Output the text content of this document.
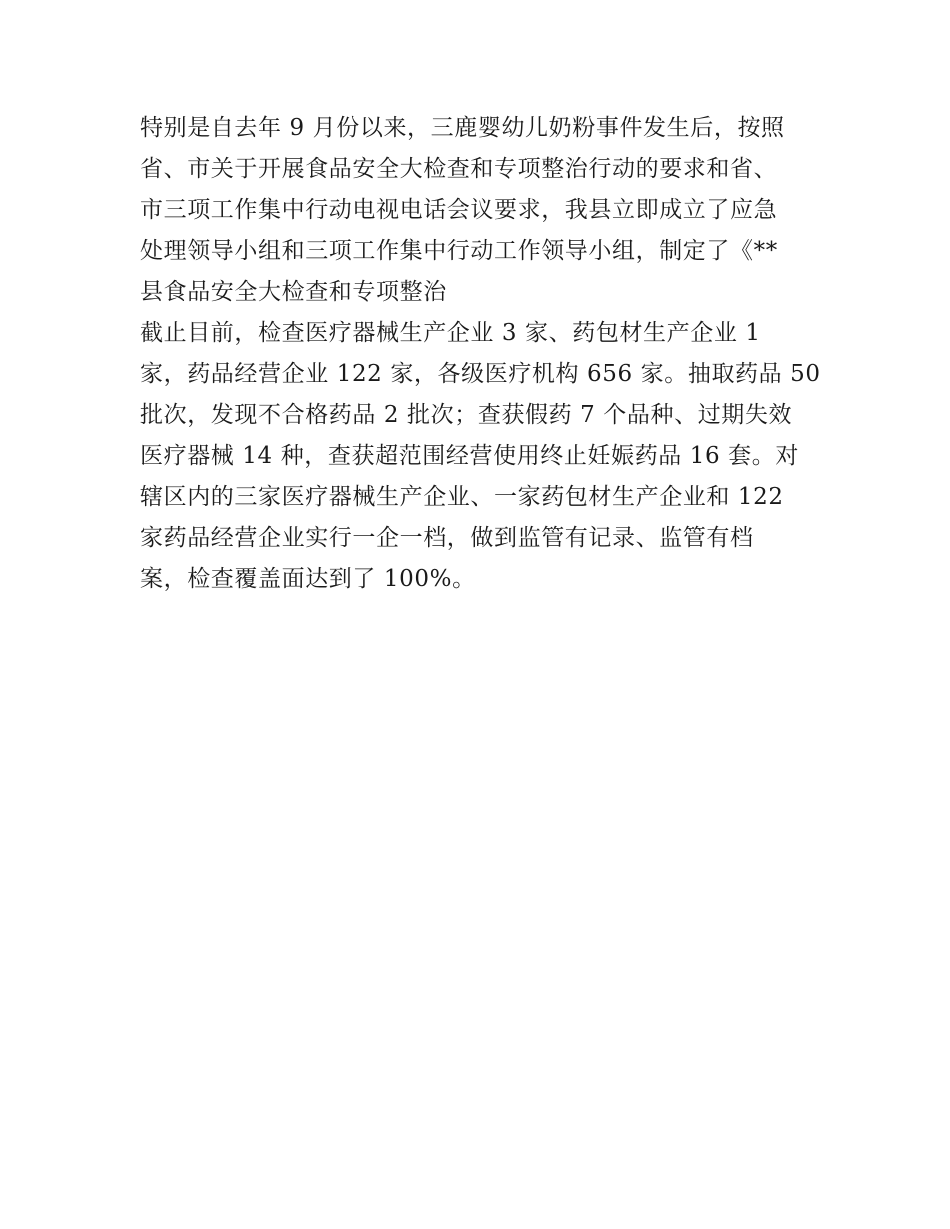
特别是自去年 9 月份以来，三鹿婴幼儿奶粉事件发生后，按照
省、市关于开展食品安全大检查和专项整治行动的要求和省、
市三项工作集中行动电视电话会议要求，我县立即成立了应急
处理领导小组和三项工作集中行动工作领导小组，制定了《**
县食品安全大检查和专项整治
截止目前，检查医疗器械生产企业 3 家、药包材生产企业 1
家，药品经营企业 122 家，各级医疗机构 656 家。抽取药品 50
批次，发现不合格药品 2 批次；查获假药 7 个品种、过期失效
医疗器械 14 种，查获超范围经营使用终止妊娠药品 16 套。对
辖区内的三家医疗器械生产企业、一家药包材生产企业和 122
家药品经营企业实行一企一档，做到监管有记录、监管有档
案，检查覆盖面达到了 100%。
